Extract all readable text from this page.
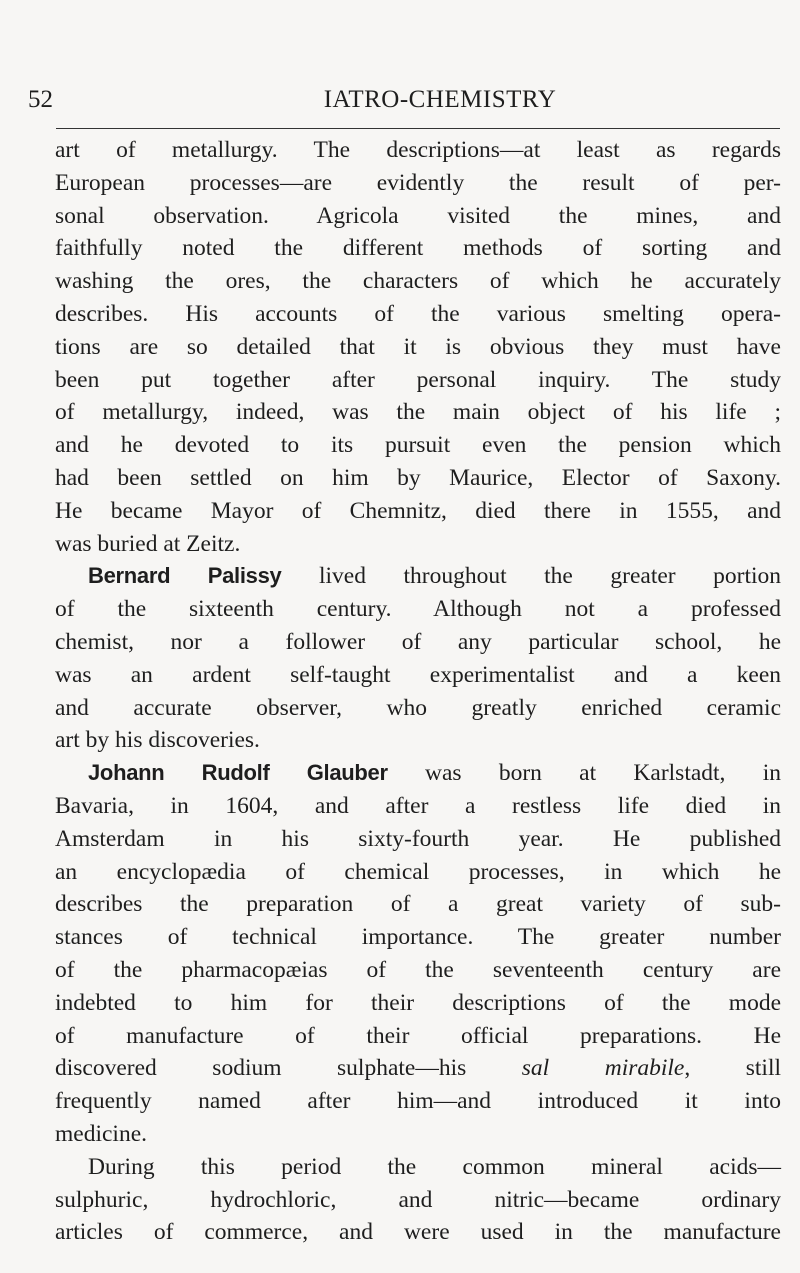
52	IATRO-CHEMISTRY
art of metallurgy. The descriptions—at least as regards
European processes—are evidently the result of per-
sonal observation. Agricola visited the mines, and
faithfully noted the different methods of sorting and
washing the ores, the characters of which he accurately
describes. His accounts of the various smelting opera-
tions are so detailed that it is obvious they must have
been put together after personal inquiry. The study
of metallurgy, indeed, was the main object of his life ;
and he devoted to its pursuit even the pension which
had been settled on him by Maurice, Elector of Saxony.
He became Mayor of Chemnitz, died there in 1555, and
was buried at Zeitz.
Bernard Palissy lived throughout the greater portion
of the sixteenth century. Although not a professed
chemist, nor a follower of any particular school, he
was an ardent self-taught experimentalist and a keen
and accurate observer, who greatly enriched ceramic
art by his discoveries.
Johann Rudolf Glauber was born at Karlstadt, in
Bavaria, in 1604, and after a restless life died in
Amsterdam in his sixty-fourth year. He published
an encyclopædia of chemical processes, in which he
describes the preparation of a great variety of sub-
stances of technical importance. The greater number
of the pharmacopæias of the seventeenth century are
indebted to him for their descriptions of the mode
of manufacture of their official preparations. He
discovered sodium sulphate—his sal mirabile, still
frequently named after him—and introduced it into
medicine.
During this period the common mineral acids—
sulphuric, hydrochloric, and nitric—became ordinary
articles of commerce, and were used in the manufacture
